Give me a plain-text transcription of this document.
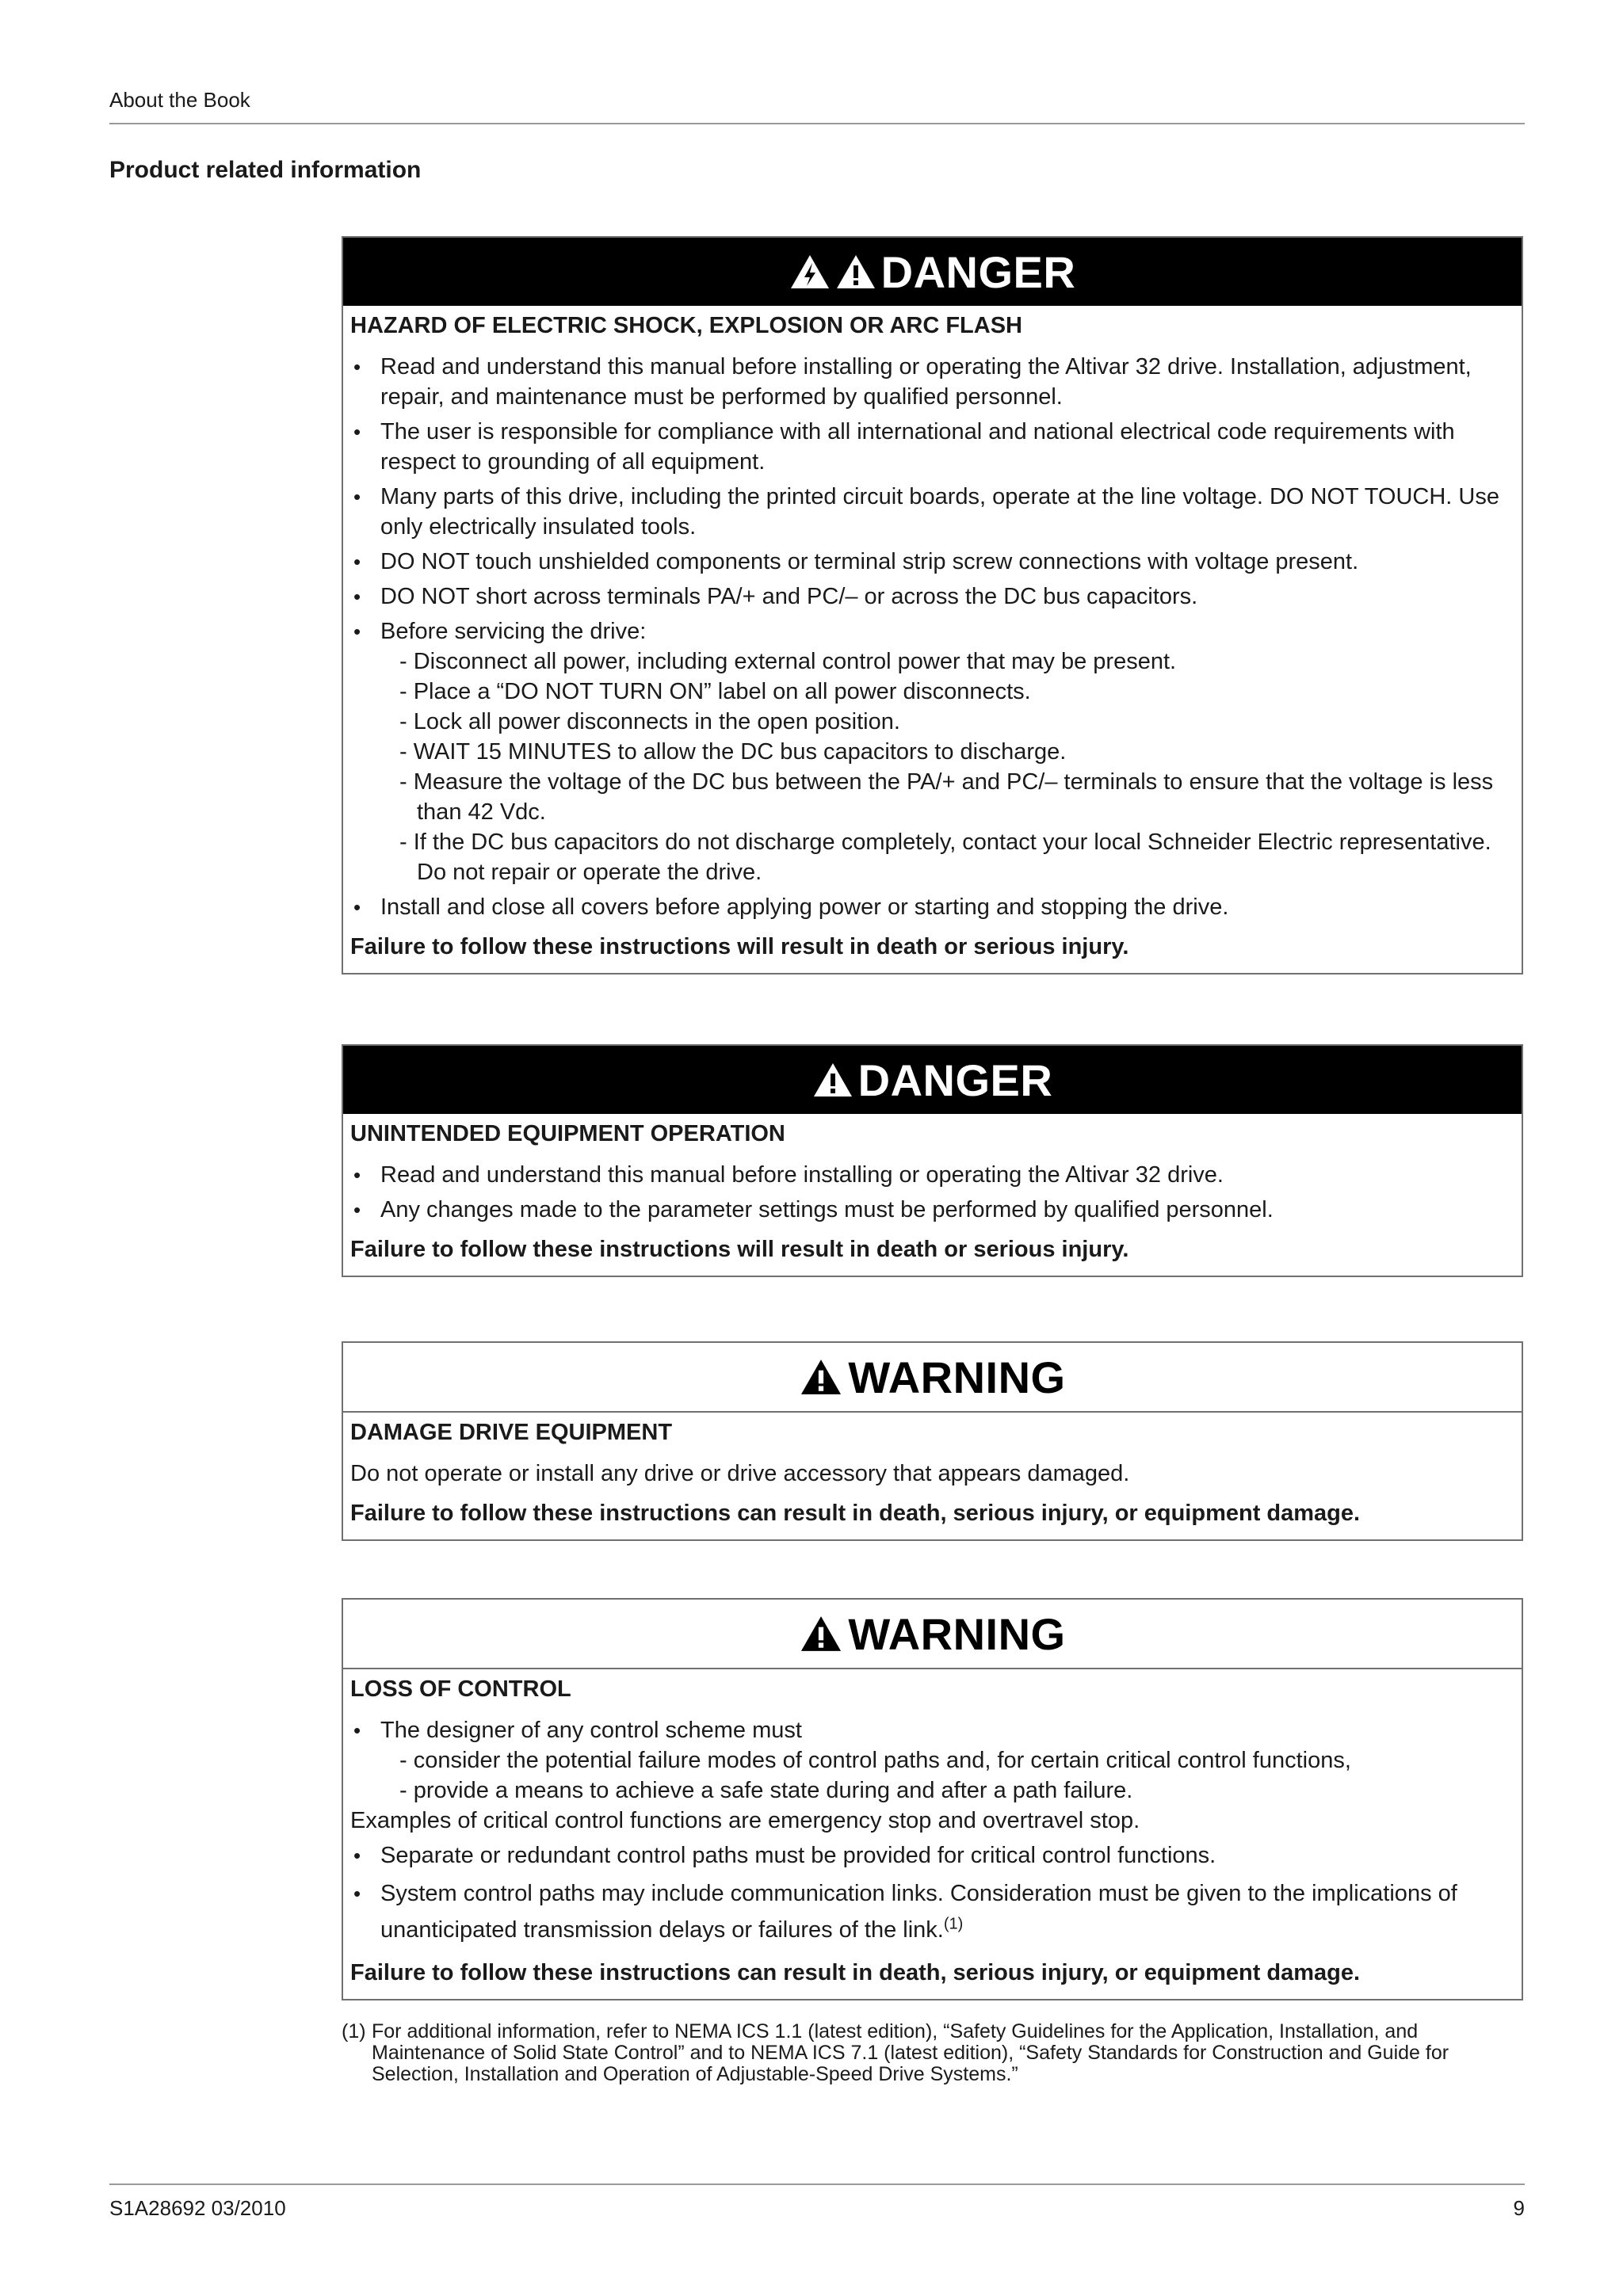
About the Book
Product related information
DANGER
HAZARD OF ELECTRIC SHOCK, EXPLOSION OR ARC FLASH
• Read and understand this manual before installing or operating the Altivar 32 drive. Installation, adjustment, repair, and maintenance must be performed by qualified personnel.
• The user is responsible for compliance with all international and national electrical code requirements with respect to grounding of all equipment.
• Many parts of this drive, including the printed circuit boards, operate at the line voltage. DO NOT TOUCH. Use only electrically insulated tools.
• DO NOT touch unshielded components or terminal strip screw connections with voltage present.
• DO NOT short across terminals PA/+ and PC/– or across the DC bus capacitors.
• Before servicing the drive:

- Disconnect all power, including external control power that may be present.

- Place a “DO NOT TURN ON” label on all power disconnects.

- Lock all power disconnects in the open position.

- WAIT 15 MINUTES to allow the DC bus capacitors to discharge.

- Measure the voltage of the DC bus between the PA/+ and PC/– terminals to ensure that the voltage is less than 42 Vdc.

- If the DC bus capacitors do not discharge completely, contact your local Schneider Electric representative. Do not repair or operate the drive.

• Install and close all covers before applying power or starting and stopping the drive.
Failure to follow these instructions will result in death or serious injury.
DANGER
UNINTENDED EQUIPMENT OPERATION
• Read and understand this manual before installing or operating the Altivar 32 drive.
• Any changes made to the parameter settings must be performed by qualified personnel.
Failure to follow these instructions will result in death or serious injury.
WARNING
DAMAGE DRIVE EQUIPMENT
Do not operate or install any drive or drive accessory that appears damaged.
Failure to follow these instructions can result in death, serious injury, or equipment damage.
WARNING
LOSS OF CONTROL
• The designer of any control scheme must

- consider the potential failure modes of control paths and, for certain critical control functions,

- provide a means to achieve a safe state during and after a path failure.

Examples of critical control functions are emergency stop and overtravel stop.
• Separate or redundant control paths must be provided for critical control functions.
• System control paths may include communication links. Consideration must be given to the implications of unanticipated transmission delays or failures of the link.$^{(1)}$
Failure to follow these instructions can result in death, serious injury, or equipment damage.
(1) For additional information, refer to NEMA ICS 1.1 (latest edition), “Safety Guidelines for the Application, Installation, and Maintenance of Solid State Control” and to NEMA ICS 7.1 (latest edition), “Safety Standards for Construction and Guide for Selection, Installation and Operation of Adjustable-Speed Drive Systems.”
S1A28692 03/2010	9
